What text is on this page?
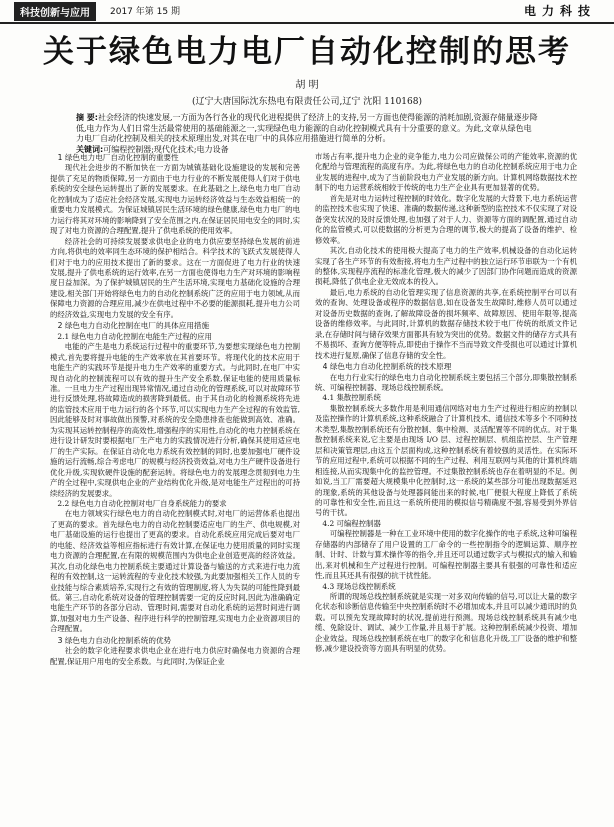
科技创新与应用	2017 年第 15 期	电力科技
关于绿色电力电厂自动化控制的思考
胡 明
(辽宁大唐国际沈东热电有限责任公司,辽宁 沈阳 110168)
摘 要:社会经济的快速发展,一方面为各行各业的现代化进程提供了经济上的支持,另一方面也使得能源的消耗加剧,资源存储量逐步降低,电力作为人们日常生活最常使用的基础能源之一,实现绿色电力能源的自动化控制模式具有十分重要的意义。为此,文章从绿色电力电厂自动化控制及相关的技术原理出发,对其在电厂中的具体应用措施进行简单的分析。
关键词:可编程控制器;现代化技术;电力设备
1 绿色电力电厂自动化控制的重要性

现代社会进步的不断加快在一方面为城镇基础化设施建设的发展和完善提供了充足的物质保障,另一方面由于电力行业的不断发展使得人们对于供电系统的安全绿色运转提出了新的发展要求。在此基础之上,绿色电力电厂自动化控制成为了适应社会经济发展,实现电力运转经济效益与生态效益相统一的重要电力发展模式。为保证城镇居民生活环境的绿色健康,绿色电力电厂的电力运行将其对环境的影响降到了安全范围之内,在保证居民用电安全的同时,实现了对电力资源的合理配置,提升了供电系统的使用效率。

经济社会的可持续发展要求供电企业的电力供应要坚持绿色发展的前进方向,将供电的效率同生态环境的保护相结合。科学技术的飞跃式发展使得人们对于电力的应用技术提出了新的要求。这在一方面促进了电力行业的快速发展,提升了供电系统的运行效率,在另一方面也使得电力生产对环境的影响程度日益加深。为了保护城镇居民的生产生活环境,实现电力基础化设施的合理建设,相关部门开始将绿色电力的自动化控制系统广泛的应用于电力领域,从而保障电力资源的合理应用,减少在供电过程中不必要的能源损耗,提升电力公司的经济效益,实现电力发展的安全有序。

2 绿色电力自动化控制在电厂的具体应用措施
2.1 绿色电力自动化控制在电能生产过程的应用

电能的产生是电力系统运行过程中的重要环节,为要想实现绿色电力控制模式,首先要将提升电能的生产效率放在其首要环节。将现代化的技术应用于电能生产的实践环节是提升电力生产效率的重要方式。与此同时,在电厂中实现自动化的控制流程可以有效的提升生产安全系数,保证电能的使用质量标准。一旦电力生产过程出现异常情况,通过自动化的管理系统,可以对故障环节进行反馈处理,将故障造成的损害降到最低。由于其自动化的检测系统将先进的监管技术应用于电力运行的各个环节,可以实现电力生产全过程的有效监管,因此能够及时对事故做出预警,对系统的安全隐患排查也能做到高效、准确。为实现其运转控制程序的高效性,增强程序的实用性,自动化的电力控制系统在进行设计研发时要根据电厂生产电力的实践情况进行分析,确保其使用适应电厂的生产实际。在保证自动化电力系统有效控制的同时,也要加强电厂硬件设施的运行流畅,综合考虑电厂的规模与经济投资效益,对电力生产硬件设备进行优化升级,实现软硬件设施的配套运转。将绿色电力的发展理念贯彻到电力生产的全过程中,实现供电企业的产业结构优化升级,是对电能生产过程出的可持续经济的发展要求。

2.2 绿色电力自动化控制对电厂自身系统能力的要求

在电力领域实行绿色电力的自动化控制模式时,对电厂的运营体系也提出了更高的要求。首先绿色电力的自动化控制要适应电厂的生产、供电规模,对电厂基础设施的运行也提出了更高的要求。自动化系统应用完成后要对电厂的电能、经济效益等相应指标进行有效计算,在保证电力使用质量的同时实现电力资源的合理配置,在有限的规模范围内为供电企业创造更高的经济效益。其次,自动化绿色电力控制系统主要通过计算设备与输送的方式来进行电力流程的有效控制,这一运转流程的专业化技术较强,为此要加强相关工作人员的专业技能与综合素质培养,实现行之有效的管理制度,将人为失误的可能性降到最低。第三,自动化系统对设备的管理控制需要一定的反应时间,因此为准确确定电能生产环节的各部分启动、管理时间,需要对自动化系统的运营时间进行调算,加强对电力生产设备、程序进行科学的控制管理,实现电力企业资源项目的合理配置。

3 绿色电力自动化控制系统的优势

社会的数字化进程要求供电企业在进行电力供应时确保电力资源的合理配置,保证用户用电的安全系数。与此同时,为保证企业

市场占有率,提升电力企业的竞争能力,电力公司应做保公司的产能效率,资源的优化配给与管理流程的高度有序。为此,将绿色电力的自动化控制系统应用于电力企业发展的进程中,成为了当前阶段电力产业发展的新方向。计算机网络数据技术控制下的电力运营系统相较于传统的电力生产企业具有更加显著的优势。

首先是对电力运转过程控制的时效化。数字化发展的大背景下,电力系统运营的监控技术也实现了快速、准确的数据传递,这种新型的监控技术不仅实现了对设备突发状况的及时反馈处理,也加强了对于人力、资源等方面的调配置,通过自动化的监管模式,可以使数据的分析更为合理的调节,极大的提高了设备的维护、检修效率。

其次,自动化技术的使用极大提高了电力的生产效率,机械设备的自动化运转实现了各生产环节的有效衔接,将电力生产过程中的独立运行环节串联为一个有机的整体,实现程序流程的标准化管理,极大的减少了因部门协作问题而造成的资源损耗,降低了供电企业无效成本的投入。

最后,电力系统的自动化管理实现了信息资源的共享,在系统控制平台可以有效的查询、处理设备或程序的数据信息,如在设备发生故障时,维修人员可以通过对设备历史数据的查询,了解故障设备的损坏频率、故障原因、使用年限等,提高设备的维修效率。与此同时,计算机的数据存储技术较于电厂传统的纸质文件记录,在存储时间与储存效果方面都具有较为突出的优势。数据文件的储存方式具有不易损坏、查询方便等特点,即使由于操作不当而导致文件受损也可以通过计算机技术进行复原,确保了信息存储的安全性。

4 绿色电力自动化控制系统的技术原理

在电力行业实行的绿色电力自动化控制系统主要包括三个部分,即集散控制系统、可编程控制器、现场总线控制系统。

4.1 集散控制系统

集散控制系统大多数作用是利用通信网络对电力生产过程进行相应的控制以及监控操作的计算机系统,这种系统融合了计算机技术、通信技术等多个不同种技术类型,集散控制系统还有分散控制、集中检测、灵活配置等不同的优点。对于集散控制系统来说,它主要是由现场 I/O 层、过程控制层、机组监控层、生产管理层和决策管理层,由这五个层面构成,这种控制系统有着较强的灵活性。在实际环节的应用过程中,系统可以根据不同的生产过程、利用互联网与其他的计算机终端相连接,从而实现集中化的监控管理。不过集散控制系统也存在着明显的不足。例如说,当工厂需要超大规模集中化控制时,这一系统的某些部分可能出现数据延迟的现象,系统的其他设备与处理器间能出来的时候,电厂便很大程度上降低了系统的可靠性和安全性,而且这一系统所使用的模拟信号精确度不强,容易受到外界信号的干扰。

4.2 可编程控制器

可编程控制器是一种在工业环境中使用的数字化操作的电子系统,这种可编程存储器的内部储存了用户设置的工厂命令的一些控制指令的逻辑运算、顺序控制、计时、计数与算术操作等的指令,并且还可以通过数字式与模拟式的输入和输出,来对机械和生产过程进行控制。可编程控制器主要具有很强的可靠性和适应性,而且其还具有很强的抗干扰性能。

4.3 现场总线控制系统

所谓的现场总线控制系统就是实现一对多双向传输的信号,可以让大量的数字化状态和诊断信息传输至中央控制系统时不必增加成本,并且可以减少通讯时的负载。可以预先发现故障时的状况,提前进行预测。现场总线控制系统具有减少电缆、免除设计、调试、减少工作量,并且易于扩展。这种控制系统减少投资、增加企业效益。现场总线控制系统在电厂的数字化和信息化升级,工厂设备的维护和整修,减少建设投资等方面具有明显的优势。
